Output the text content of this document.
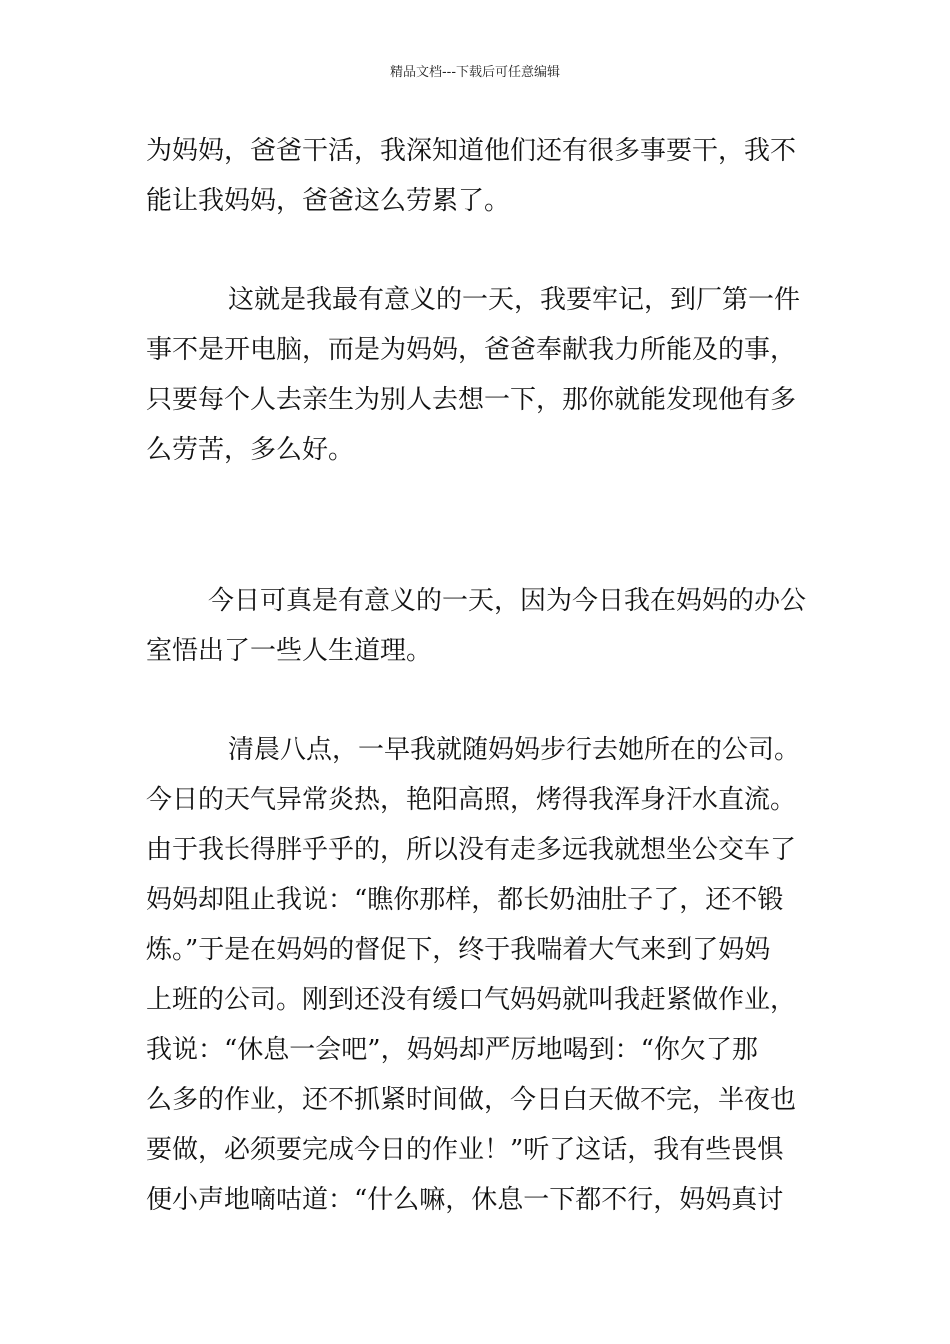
精品文档---下载后可任意编辑
为妈妈，爸爸干活，我深知道他们还有很多事要干，我不
能让我妈妈，爸爸这么劳累了。
这就是我最有意义的一天，我要牢记，到厂第一件
事不是开电脑，而是为妈妈，爸爸奉献我力所能及的事，
只要每个人去亲生为别人去想一下，那你就能发现他有多
么劳苦，多么好。
今日可真是有意义的一天，因为今日我在妈妈的办公
室悟出了一些人生道理。
清晨八点，一早我就随妈妈步行去她所在的公司。
今日的天气异常炎热，艳阳高照，烤得我浑身汗水直流。
由于我长得胖乎乎的，所以没有走多远我就想坐公交车了
妈妈却阻止我说：“瞧你那样，都长奶油肚子了，还不锻
炼。”于是在妈妈的督促下，终于我喘着大气来到了妈妈
上班的公司。刚到还没有缓口气妈妈就叫我赶紧做作业，
我说：“休息一会吧”，妈妈却严厉地喝到：“你欠了那
么多的作业，还不抓紧时间做，今日白天做不完，半夜也
要做，必须要完成今日的作业！”听了这话，我有些畏惧
便小声地嘀咕道：“什么嘛，休息一下都不行，妈妈真讨
